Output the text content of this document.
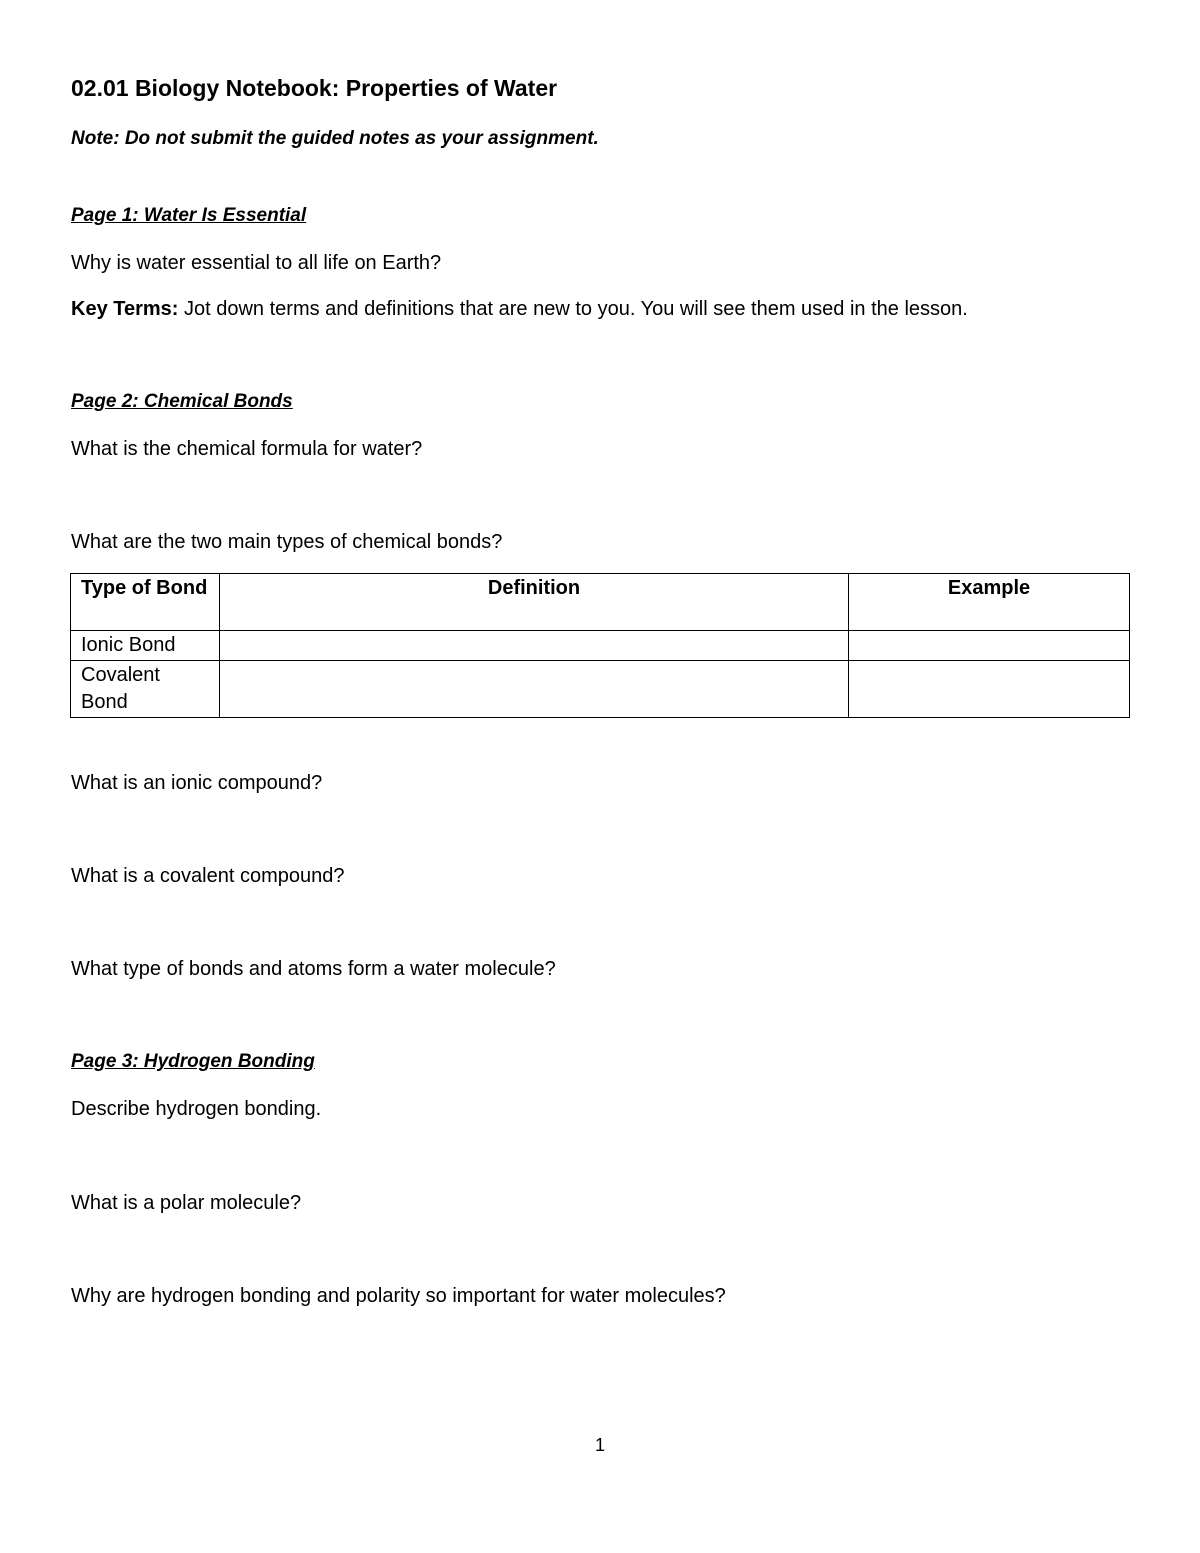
02.01 Biology Notebook: Properties of Water

Note: Do not submit the guided notes as your assignment.

Page 1: Water Is Essential

Why is water essential to all life on Earth?

Key Terms: Jot down terms and definitions that are new to you. You will see them used in the lesson.

Page 2: Chemical Bonds

What is the chemical formula for water?

What are the two main types of chemical bonds?

Type of Bond	Definition	Example
Ionic Bond		
Covalent Bond		

What is an ionic compound?

What is a covalent compound?

What type of bonds and atoms form a water molecule?

Page 3: Hydrogen Bonding

Describe hydrogen bonding.

What is a polar molecule?

Why are hydrogen bonding and polarity so important for water molecules?

1
